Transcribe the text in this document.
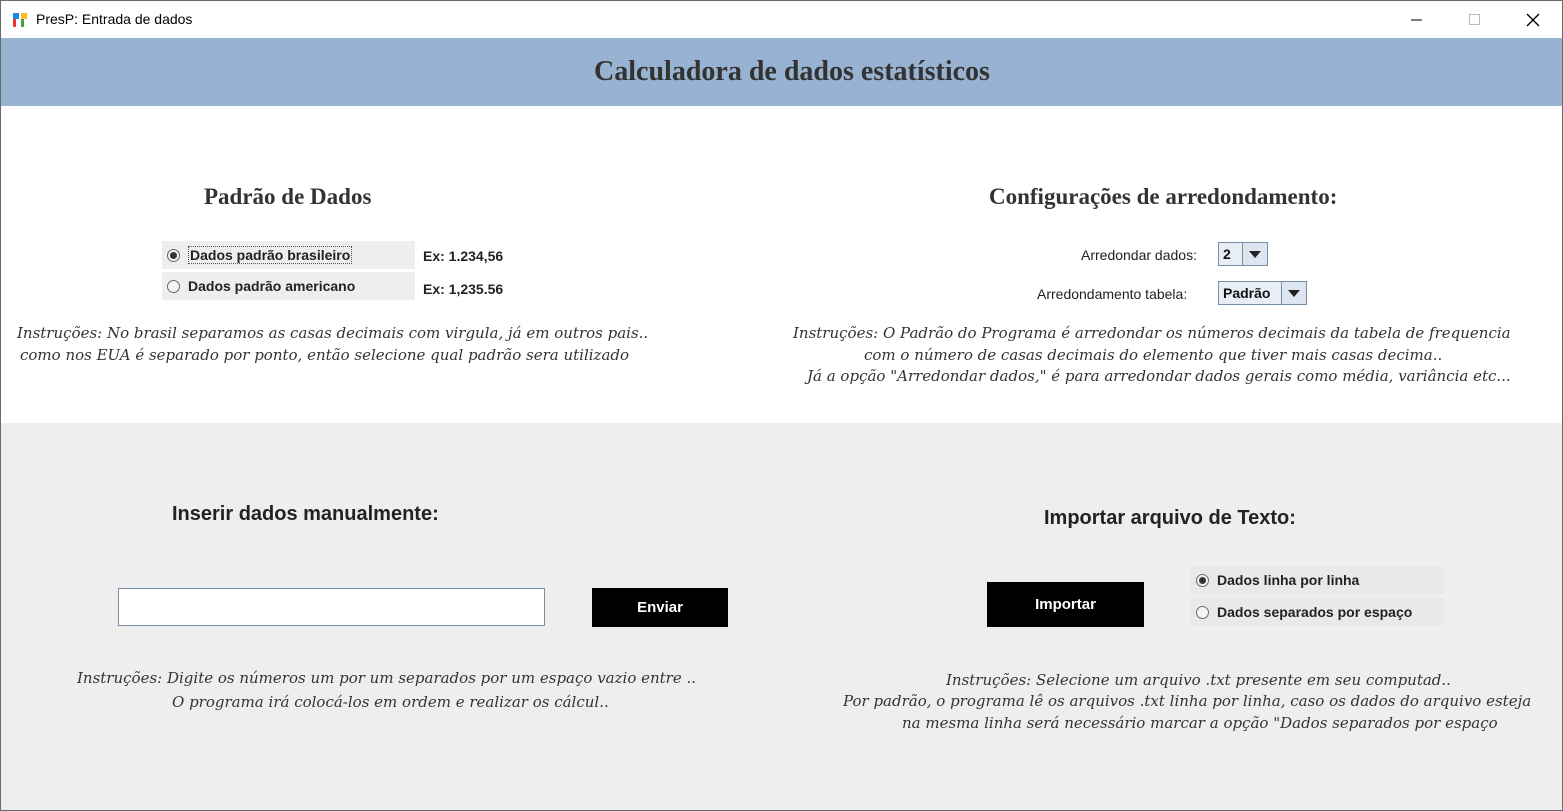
PresP: Entrada de dados
Calculadora de dados estatísticos
Padrão de Dados
Dados padrão brasileiro	Ex: 1.234,56
Dados padrão americano	Ex: 1,235.56
Instruções: No brasil separamos as casas decimais com virgula, já em outros pais..
como nos EUA é separado por ponto, então selecione qual padrão sera utilizado
Configurações de arredondamento:
Arredondar dados: 2
Arredondamento tabela:	Padrão
Instruções: O Padrão do Programa é arredondar os números decimais da tabela de frequencia
com o número de casas decimais do elemento que tiver mais casas decima..
Já a opção "Arredondar dados," é para arredondar dados gerais como média, variância etc...
Inserir dados manualmente:
Enviar
Instruções: Digite os números um por um separados por um espaço vazio entre ..
O programa irá colocá-los em ordem e realizar os cálcul..
Importar arquivo de Texto:
Importar
Dados linha por linha
Dados separados por espaço
Instruções: Selecione um arquivo .txt presente em seu computad..
Por padrão, o programa lê os arquivos .txt linha por linha, caso os dados do arquivo esteja
na mesma linha será necessário marcar a opção "Dados separados por espaço
